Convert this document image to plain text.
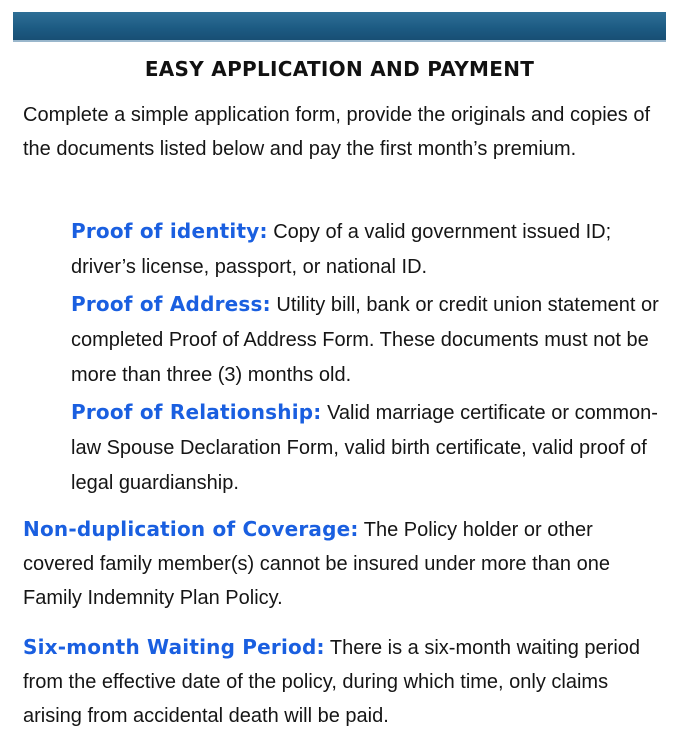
EASY APPLICATION AND PAYMENT
Complete a simple application form, provide the originals and copies of the documents listed below and pay the first month’s premium.
Proof of identity: Copy of a valid government issued ID; driver’s license, passport, or national ID.
Proof of Address: Utility bill, bank or credit union statement or completed Proof of Address Form. These documents must not be more than three (3) months old.
Proof of Relationship: Valid marriage certificate or common-law Spouse Declaration Form, valid birth certificate, valid proof of legal guardianship.
Non-duplication of Coverage: The Policy holder or other covered family member(s) cannot be insured under more than one Family Indemnity Plan Policy.
Six-month Waiting Period: There is a six-month waiting period from the effective date of the policy, during which time, only claims arising from accidental death will be paid.
